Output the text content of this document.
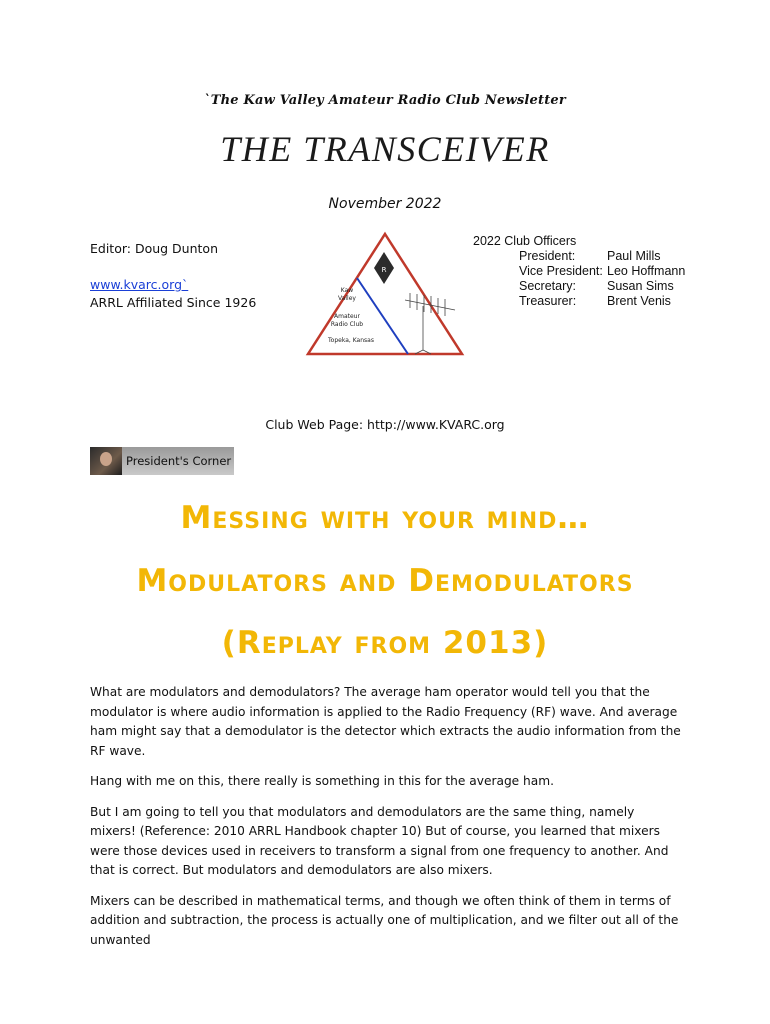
`The Kaw Valley Amateur Radio Club Newsletter
THE TRANSCEIVER
November 2022
Editor: Doug Dunton
www.kvarc.org`
ARRL Affiliated Since 1926
R
Kaw
Valley
Amateur
Radio Club
Topeka, Kansas
2022 Club Officers
President:	Paul Mills
Vice President:	Leo Hoffmann
Secretary:	Susan Sims
Treasurer:	Brent Venis
Club Web Page: http://www.KVARC.org
President's Corner
Messing with your mind…
Modulators and Demodulators
(Replay from 2013)

What are modulators and demodulators? The average ham operator would tell you that the modulator is where audio information is applied to the Radio Frequency (RF) wave. And average ham might say that a demodulator is the detector which extracts the audio information from the RF wave.

Hang with me on this, there really is something in this for the average ham.

But I am going to tell you that modulators and demodulators are the same thing, namely mixers! (Reference: 2010 ARRL Handbook chapter 10) But of course, you learned that mixers were those devices used in receivers to transform a signal from one frequency to another. And that is correct. But modulators and demodulators are also mixers.

Mixers can be described in mathematical terms, and though we often think of them in terms of addition and subtraction, the process is actually one of multiplication, and we filter out all of the unwanted
